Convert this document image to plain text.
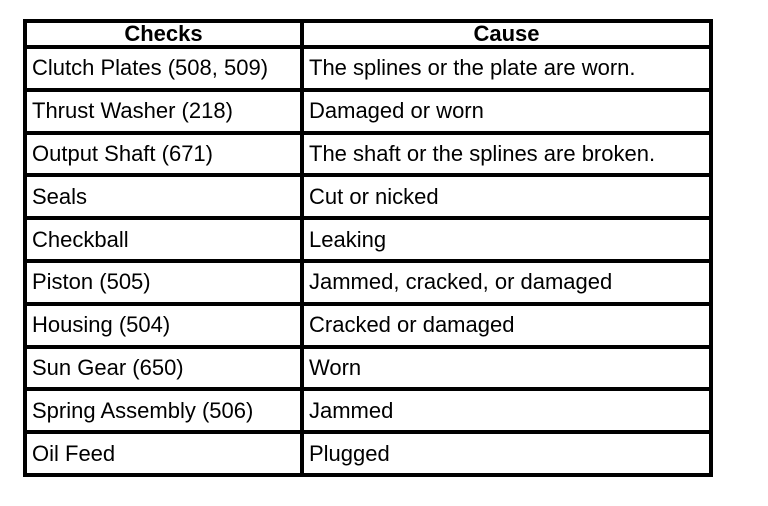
Checks	Cause
Clutch Plates (508, 509)	The splines or the plate are worn.
Thrust Washer (218)	Damaged or worn
Output Shaft (671)	The shaft or the splines are broken.
Seals	Cut or nicked
Checkball	Leaking
Piston (505)	Jammed, cracked, or damaged
Housing (504)	Cracked or damaged
Sun Gear (650)	Worn
Spring Assembly (506)	Jammed
Oil Feed	Plugged
